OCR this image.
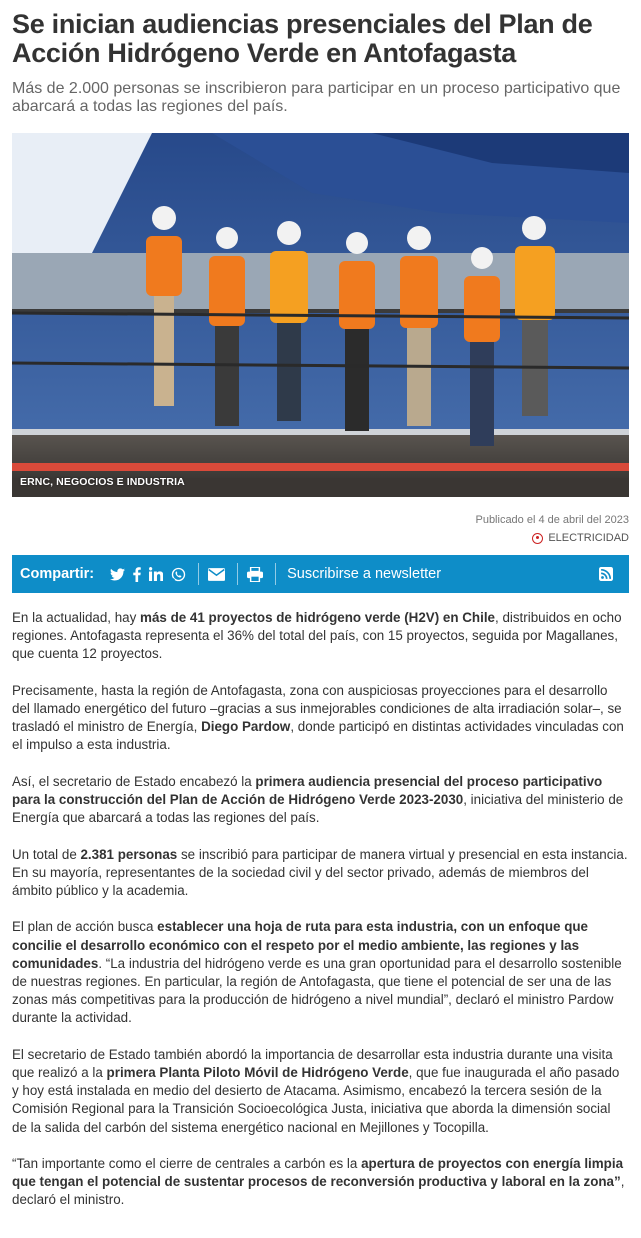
Se inician audiencias presenciales del Plan de Acción Hidrógeno Verde en Antofagasta
Más de 2.000 personas se inscribieron para participar en un proceso participativo que abarcará a todas las regiones del país.
ERNC, NEGOCIOS E INDUSTRIA
Publicado el 4 de abril del 2023
ELECTRICIDAD
Compartir:	Suscribirse a newsletter

En la actualidad, hay más de 41 proyectos de hidrógeno verde (H2V) en Chile, distribuidos en ocho regiones. Antofagasta representa el 36% del total del país, con 15 proyectos, seguida por Magallanes, que cuenta 12 proyectos.

Precisamente, hasta la región de Antofagasta, zona con auspiciosas proyecciones para el desarrollo del llamado energético del futuro –gracias a sus inmejorables condiciones de alta irradiación solar–, se trasladó el ministro de Energía, Diego Pardow, donde participó en distintas actividades vinculadas con el impulso a esta industria.

Así, el secretario de Estado encabezó la primera audiencia presencial del proceso participativo para la construcción del Plan de Acción de Hidrógeno Verde 2023-2030, iniciativa del ministerio de Energía que abarcará a todas las regiones del país.

Un total de 2.381 personas se inscribió para participar de manera virtual y presencial en esta instancia. En su mayoría, representantes de la sociedad civil y del sector privado, además de miembros del ámbito público y la academia.

El plan de acción busca establecer una hoja de ruta para esta industria, con un enfoque que concilie el desarrollo económico con el respeto por el medio ambiente, las regiones y las comunidades. “La industria del hidrógeno verde es una gran oportunidad para el desarrollo sostenible de nuestras regiones. En particular, la región de Antofagasta, que tiene el potencial de ser una de las zonas más competitivas para la producción de hidrógeno a nivel mundial”, declaró el ministro Pardow durante la actividad.

El secretario de Estado también abordó la importancia de desarrollar esta industria durante una visita que realizó a la primera Planta Piloto Móvil de Hidrógeno Verde, que fue inaugurada el año pasado y hoy está instalada en medio del desierto de Atacama. Asimismo, encabezó la tercera sesión de la Comisión Regional para la Transición Socioecológica Justa, iniciativa que aborda la dimensión social de la salida del carbón del sistema energético nacional en Mejillones y Tocopilla.

“Tan importante como el cierre de centrales a carbón es la apertura de proyectos con energía limpia que tengan el potencial de sustentar procesos de reconversión productiva y laboral en la zona”, declaró el ministro.
